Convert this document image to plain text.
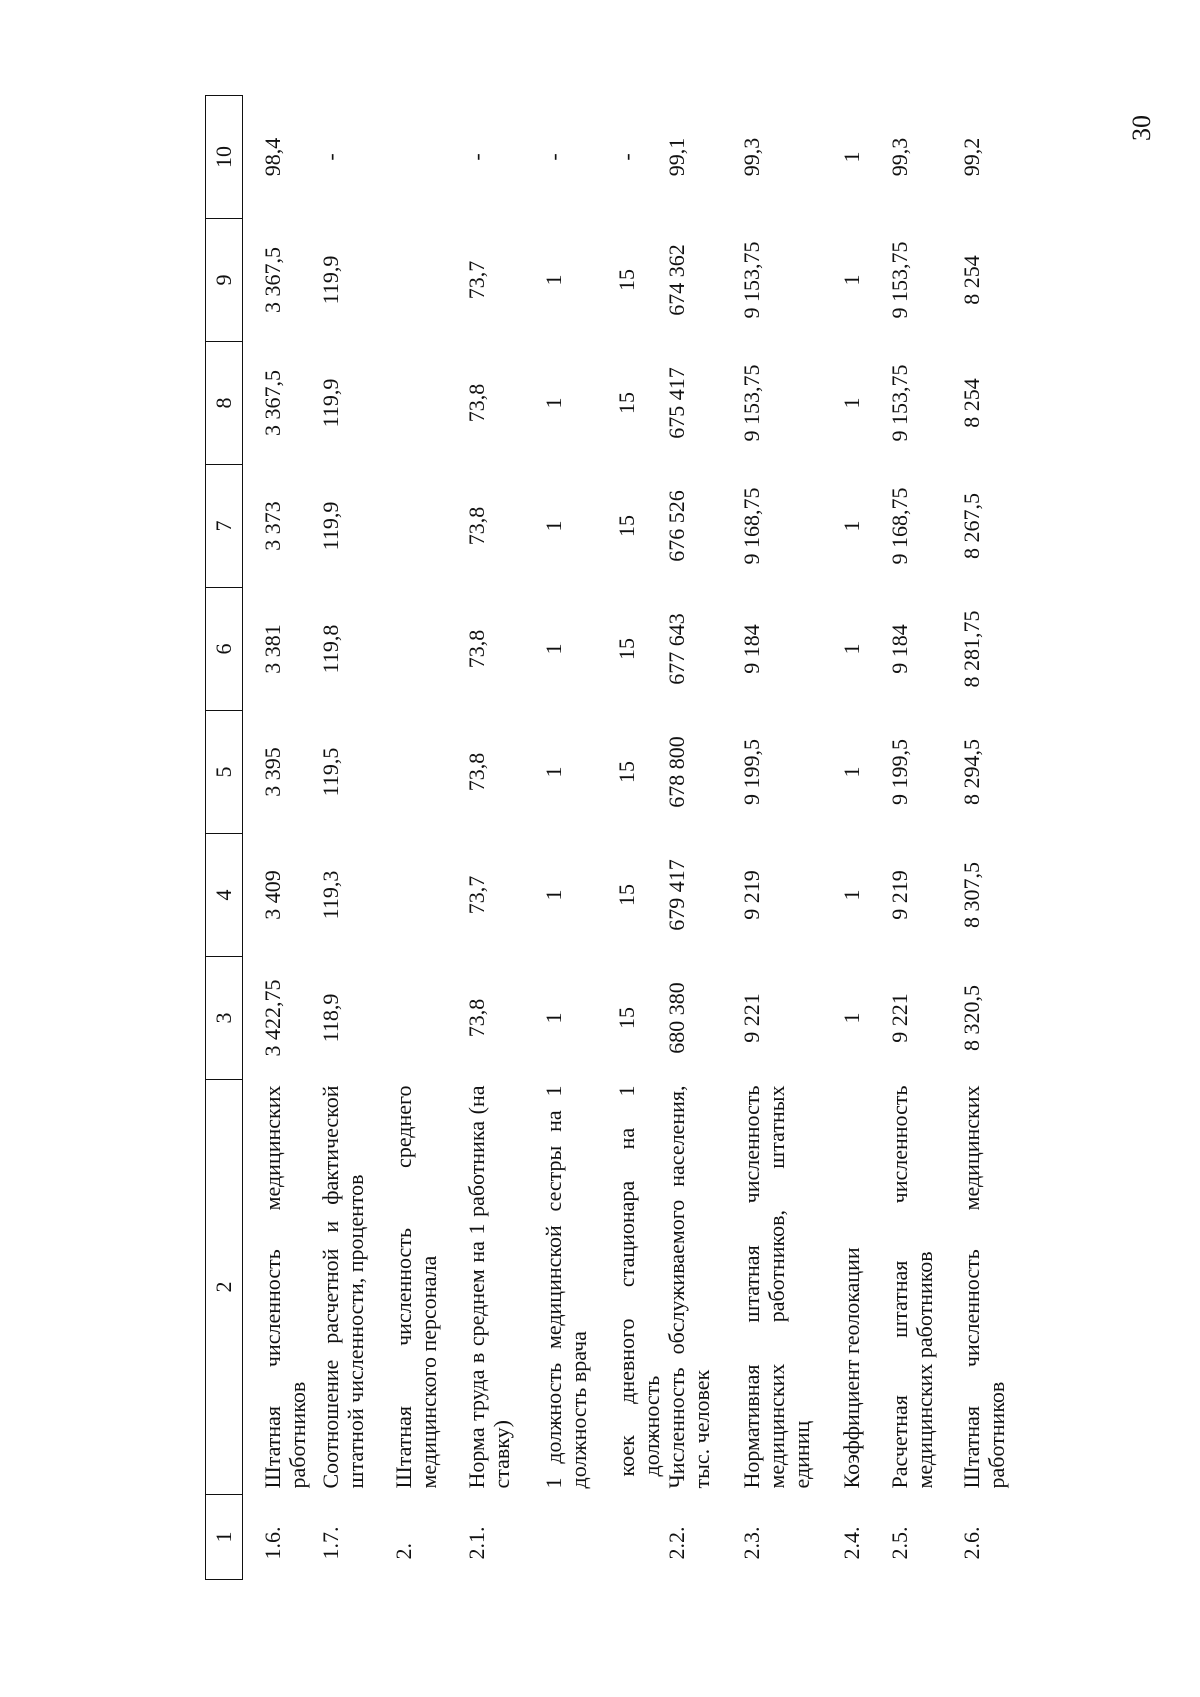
30
1	2	3	4	5	6	7	8	9	10
1.6.	Штатная численность медицинских работников	3 422,75	3 409	3 395	3 381	3 373	3 367,5	3 367,5	98,4
1.7.	Соотношение расчетной и фактической штатной численности, процентов	118,9	119,3	119,5	119,8	119,9	119,9	119,9	-
2.	Штатная численность среднего медицинского персонала								
2.1.	Норма труда в среднем на 1 работника (на ставку)	73,8	73,7	73,8	73,8	73,8	73,8	73,7	-
	1 должность медицинской сестры на 1 должность врача	1	1	1	1	1	1	1	-
	коек дневного стационара на 1 должность	15	15	15	15	15	15	15	-
2.2.	Численность обслуживаемого населения, тыс. человек	680 380	679 417	678 800	677 643	676 526	675 417	674 362	99,1
2.3.	Нормативная штатная численность медицинских работников, штатных единиц	9 221	9 219	9 199,5	9 184	9 168,75	9 153,75	9 153,75	99,3
2.4.	Коэффициент геолокации	1	1	1	1	1	1	1	1
2.5.	Расчетная штатная численность медицинских работников	9 221	9 219	9 199,5	9 184	9 168,75	9 153,75	9 153,75	99,3
2.6.	Штатная численность медицинских работников	8 320,5	8 307,5	8 294,5	8 281,75	8 267,5	8 254	8 254	99,2
